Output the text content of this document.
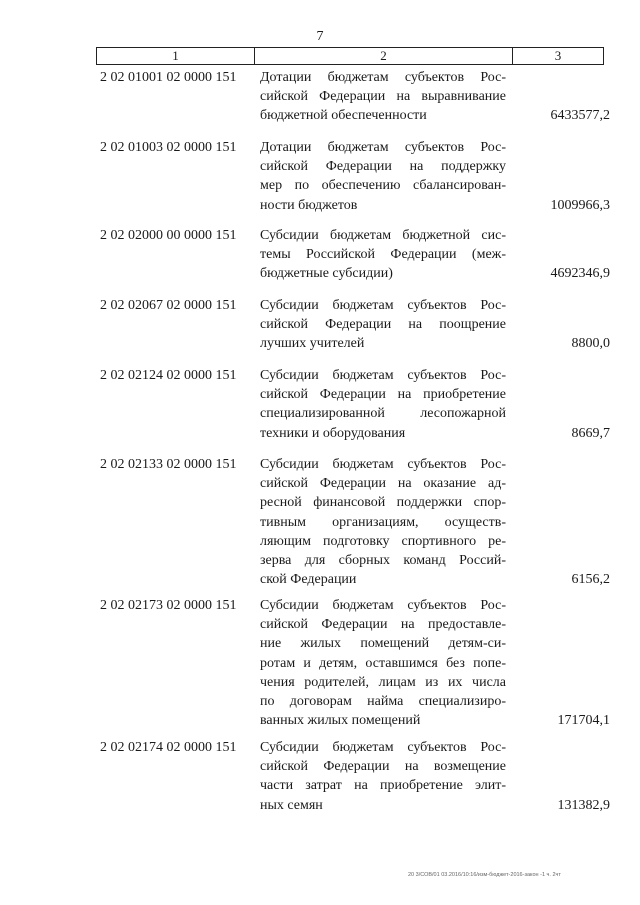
7
1	2	3
2 02 01001 02 0000 151 Дотации бюджетам субъектов Рос-
сийской Федерации на выравнивание
бюджетной обеспеченности	6433577,2
2 02 01003 02 0000 151 Дотации бюджетам субъектов Рос-
сийской Федерации на поддержку
мер по обеспечению сбалансирован-
ности бюджетов	1009966,3
2 02 02000 00 0000 151 Субсидии бюджетам бюджетной сис-
темы Российской Федерации (меж-
бюджетные субсидии)	4692346,9
2 02 02067 02 0000 151 Субсидии бюджетам субъектов Рос-
сийской Федерации на поощрение
лучших учителей	8800,0
2 02 02124 02 0000 151 Субсидии бюджетам субъектов Рос-
сийской Федерации на приобретение
специализированной лесопожарной
техники и оборудования	8669,7
2 02 02133 02 0000 151 Субсидии бюджетам субъектов Рос-
сийской Федерации на оказание ад-
ресной финансовой поддержки спор-
тивным организациям, осуществ-
ляющим подготовку спортивного ре-
зерва для сборных команд Россий-
ской Федерации	6156,2
2 02 02173 02 0000 151 Субсидии бюджетам субъектов Рос-
сийской Федерации на предоставле-
ние жилых помещений детям-си-
ротам и детям, оставшимся без попе-
чения родителей, лицам из их числа
по договорам найма специализиро-
ванных жилых помещений	171704,1
2 02 02174 02 0000 151 Субсидии бюджетам субъектов Рос-
сийской Федерации на возмещение
части затрат на приобретение элит-
ных семян	131382,9
20 3/СОВ/01 03.2016/10:16/изм-бюджет-2016-закон -1 ч. 2чт
